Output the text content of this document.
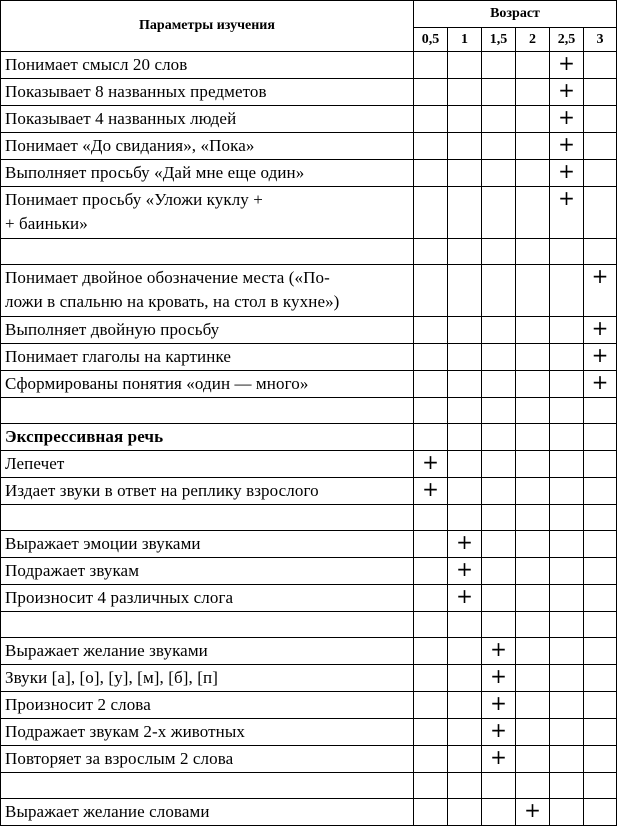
Параметры изучения	Возраст					
	0,5	1	1,5	2	2,5	3

Понимает смысл 20 слов					+	

Показывает 8 названных предметов					+	

Показывает 4 названных людей					+	

Понимает «До свидания», «Пока»					+	

Выполняет просьбу «Дай мне еще один»					+	

Понимает просьбу «Уложи куклу +
+ баиньки»					+	

Понимает двойное обозначение места («По-
ложи в спальню на кровать, на стол в кухне»)						+

Выполняет двойную просьбу						+

Понимает глаголы на картинке						+

Сформированы понятия «один — много»						+

Экспрессивная речь						

Лепечет	+					

Издает звуки в ответ на реплику взрослого	+					

Выражает эмоции звуками		+				

Подражает звукам		+				

Произносит 4 различных слога		+				

Выражает желание звуками			+			

Звуки [а], [о], [у], [м], [б], [п]			+			

Произносит 2 слова			+			

Подражает звукам 2-х животных			+			

Повторяет за взрослым 2 слова			+			

Выражает желание словами				+		
